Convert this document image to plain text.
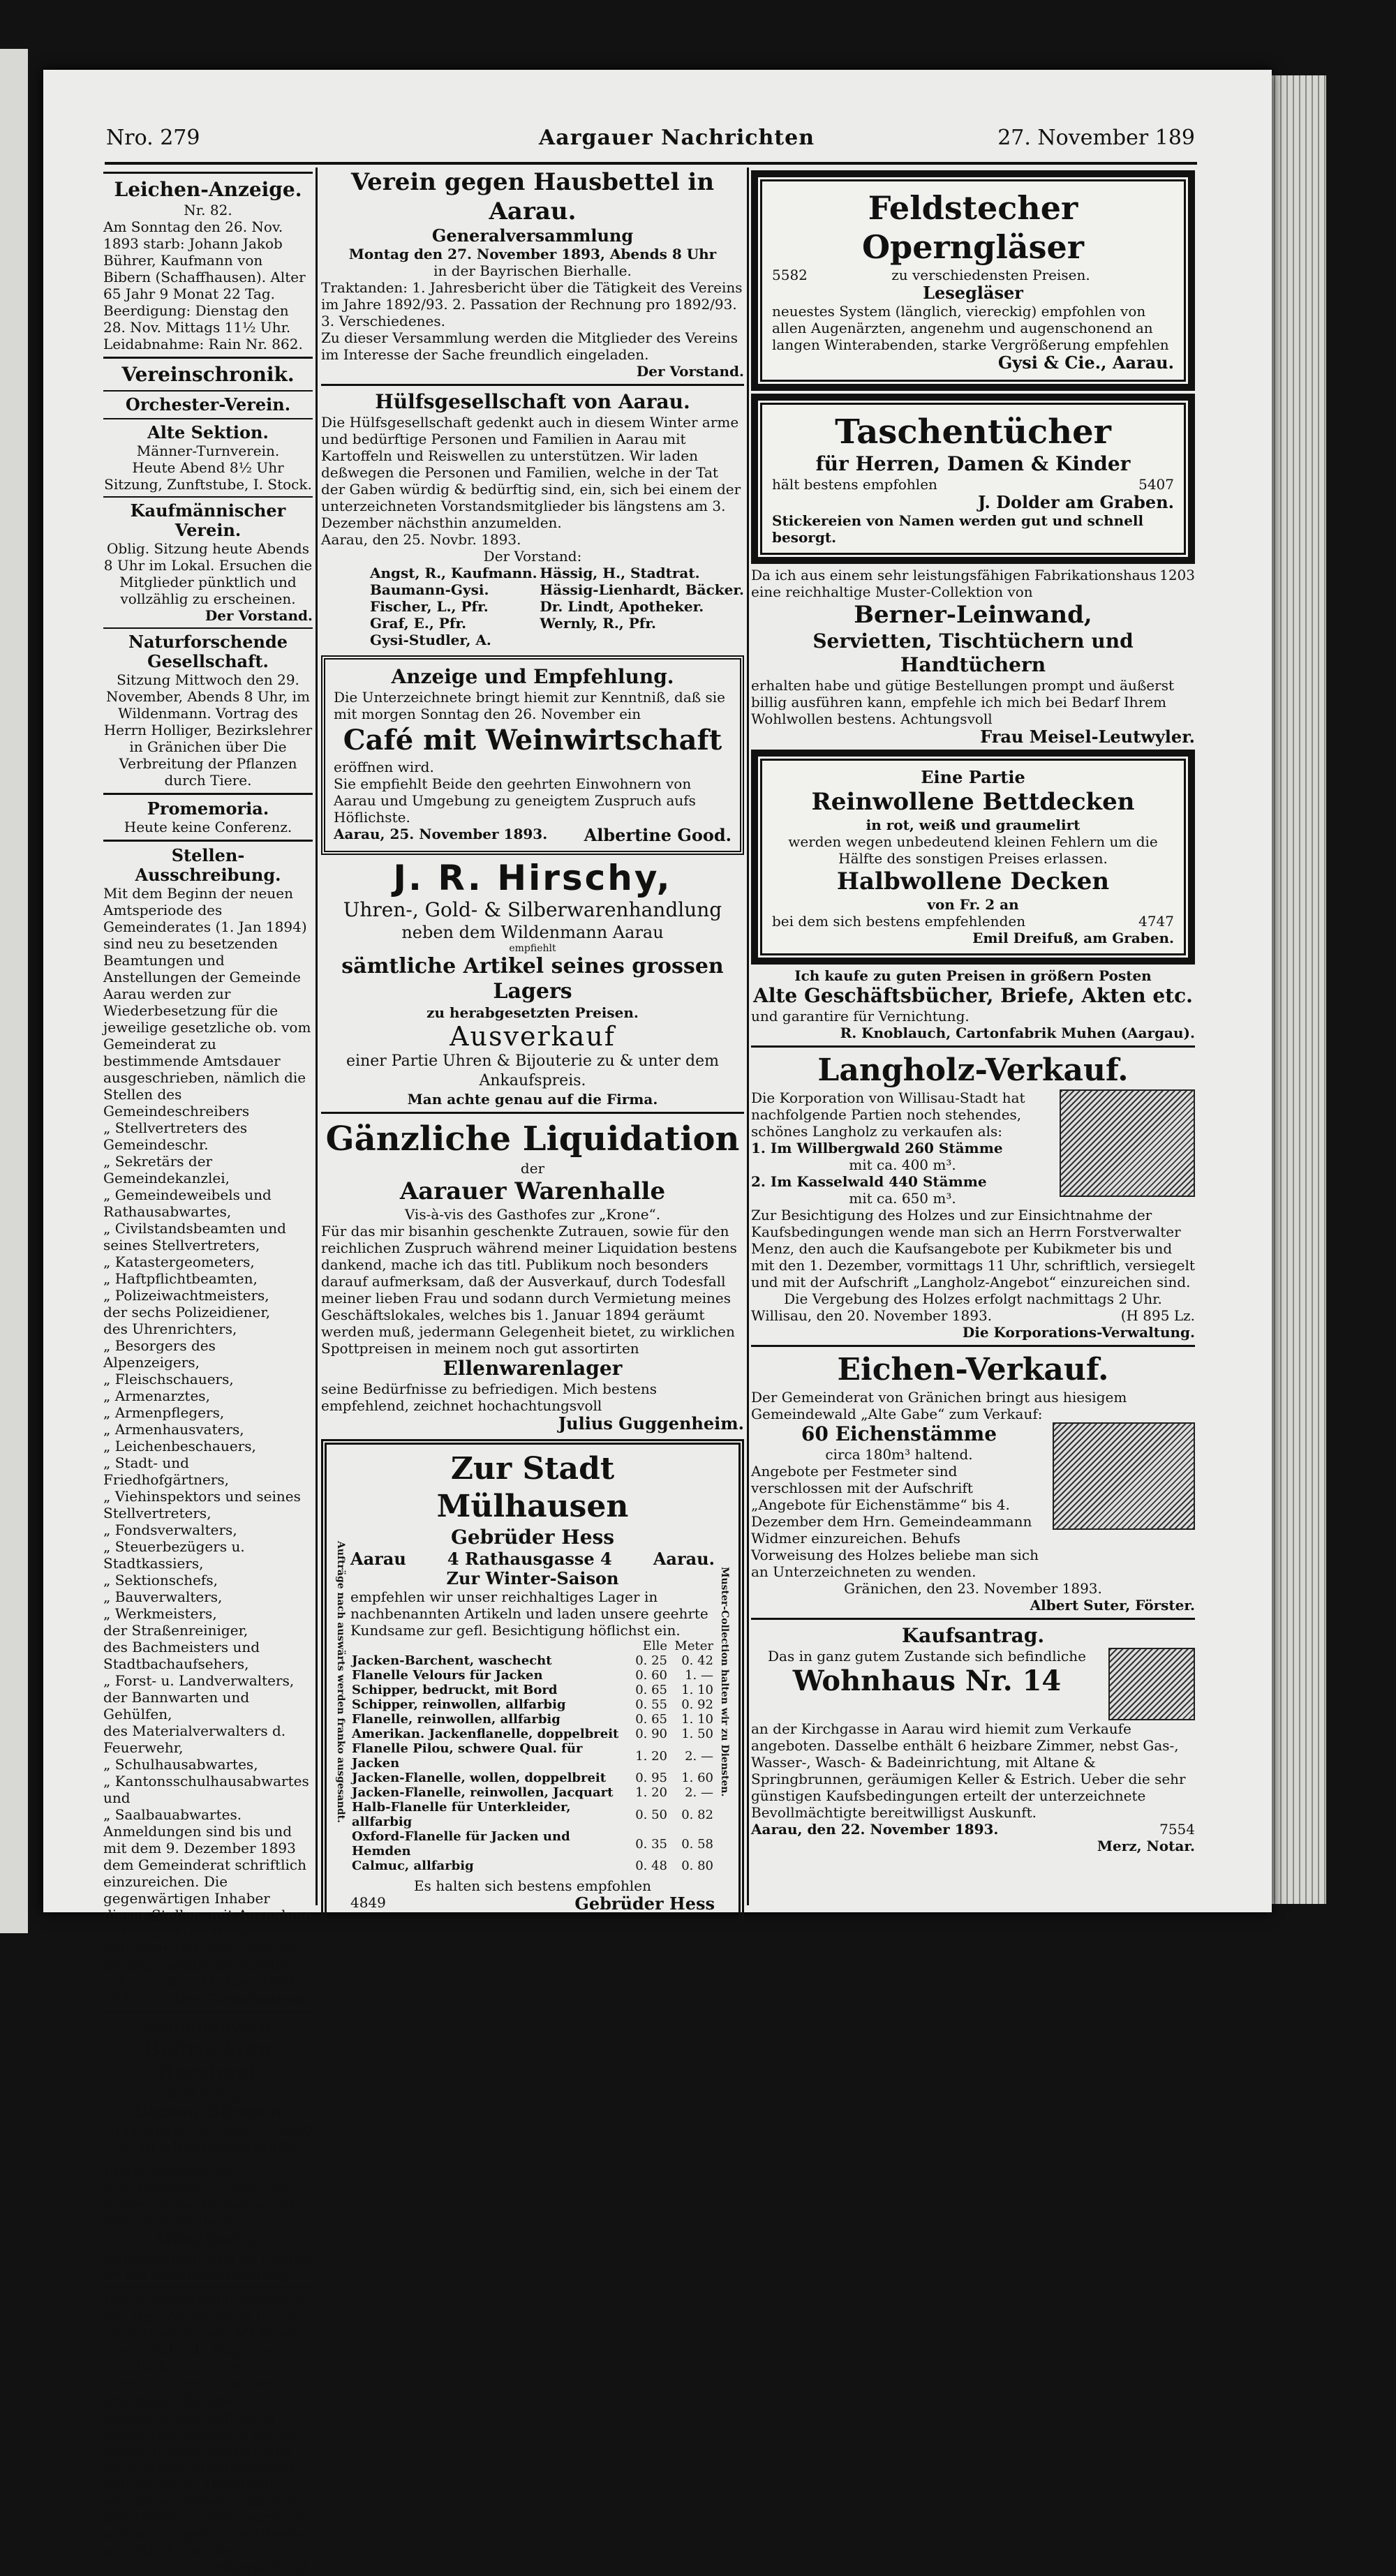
Nro. 279	Aargauer Nachrichten	27. November 189

Leichen-Anzeige.

Nr. 82.

Am Sonntag den 26. Nov. 1893 starb: Johann Jakob Bührer, Kaufmann von Bibern (Schaffhausen). Alter 65 Jahr 9 Monat 22 Tag. Beerdigung: Dienstag den 28. Nov. Mittags 11½ Uhr. Leidabnahme: Rain Nr. 862.

Vereinschronik.

Orchester-Verein.

Alte Sektion.

Männer-Turnverein.

Heute Abend 8½ Uhr Sitzung, Zunftstube, I. Stock.

Kaufmännischer Verein.

Oblig. Sitzung heute Abends 8 Uhr im Lokal. Ersuchen die Mitglieder pünktlich und vollzählig zu erscheinen.

Der Vorstand.

Naturforschende Gesellschaft.

Sitzung Mittwoch den 29. November, Abends 8 Uhr, im Wildenmann. Vortrag des Herrn Holliger, Bezirkslehrer in Gränichen über Die Verbreitung der Pflanzen durch Tiere.

Promemoria.

Heute keine Conferenz.

Stellen-Ausschreibung.

Mit dem Beginn der neuen Amtsperiode des Gemeinderates (1. Jan 1894) sind neu zu besetzenden Beamtungen und Anstellungen der Gemeinde Aarau werden zur Wiederbesetzung für die jeweilige gesetzliche ob. vom Gemeinderat zu bestimmende Amtsdauer ausgeschrieben, nämlich die Stellen des Gemeindeschreibers

„ Stellvertreters des Gemeindeschr.

„ Sekretärs der Gemeindekanzlei,

„ Gemeindeweibels und Rathausabwartes,

„ Civilstandsbeamten und seines Stellvertreters,

„ Katastergeometers,

„ Haftpflichtbeamten,

„ Polizeiwachtmeisters,

der sechs Polizeidiener,

des Uhrenrichters,

„ Besorgers des Alpenzeigers,

„ Fleischschauers,

„ Armenarztes,

„ Armenpflegers,

„ Armenhausvaters,

„ Leichenbeschauers,

„ Stadt- und Friedhofgärtners,

„ Viehinspektors und seines Stellvertreters,

„ Fondsverwalters,

„ Steuerbezügers u. Stadtkassiers,

„ Sektionschefs,

„ Bauverwalters,

„ Werkmeisters,

der Straßenreiniger,

des Bachmeisters und Stadtbachaufsehers,

„ Forst- u. Landverwalters,

der Bannwarten und Gehülfen,

des Materialverwalters d. Feuerwehr,

„ Schulhausabwartes,

„ Kantonsschulhausabwartes und

„ Saalbauabwartes.

Anmeldungen sind bis und mit dem 9. Dezember 1893 dem Gemeinderat schriftlich einzureichen. Die gegenwärtigen Inhaber dieser Stellen, mit Ausnahme derjenigen der Bannwarte und ihrer Gehülfen, werden als angemeldet betrachtet.

Aarau, den 24. Nov. 1893.

5640 Der Gemeinderat.

Schönenwerd

Bedruckten Barchent

und fertige

Damen-Blousen

zu billigsten Preisen. 5630

A. Brodmann-Stampfli.

In der Kantonalen Krankenanstalt findet eine brave, starke Person sofort dauernde Stelle als

Wäscherin.

Anmeldungen sind zu richten an die Anstaltsverwaltung.

Der Armenerziehungsverein des Bez. Aarau sucht für ein 18jähriges braves Mädchen einen Platz als Magd, wo es mit Rücksicht auf ein leichtes Gebrechen ziemlich und einige Stunden zu sitzender Beschäftigung käme. Das Mädchen hat als Magd in einer Anstalt eine gute Schule durchgemacht und ist willig. Hausfrauen, welche wünschen, daß sich das Mädchen ihnen vorstelle, wollen mir gefl. ihre Adresse schriftlich zuteilen.

Pfarrer Graf.

Verein gegen Hausbettel in Aarau.

Generalversammlung

Montag den 27. November 1893, Abends 8 Uhr

in der Bayrischen Bierhalle.

Traktanden: 1. Jahresbericht über die Tätigkeit des Vereins im Jahre 1892/93. 2. Passation der Rechnung pro 1892/93. 3. Verschiedenes.

Zu dieser Versammlung werden die Mitglieder des Vereins im Interesse der Sache freundlich eingeladen.

Der Vorstand.

Hülfsgesellschaft von Aarau.

Die Hülfsgesellschaft gedenkt auch in diesem Winter arme und bedürftige Personen und Familien in Aarau mit Kartoffeln und Reiswellen zu unterstützen. Wir laden deßwegen die Personen und Familien, welche in der Tat der Gaben würdig & bedürftig sind, ein, sich bei einem der unterzeichneten Vorstandsmitglieder bis längstens am 3. Dezember nächsthin anzumelden.

Aarau, den 25. Novbr. 1893.

Der Vorstand:

Angst, R., Kaufmann.
Baumann-Gysi.
Fischer, L., Pfr.
Graf, E., Pfr.
Gysi-Studler, A.
Hässig, H., Stadtrat.
Hässig-Lienhardt, Bäcker.
Dr. Lindt, Apotheker.
Wernly, R., Pfr.

Anzeige und Empfehlung.

Die Unterzeichnete bringt hiemit zur Kenntniß, daß sie mit morgen Sonntag den 26. November ein

Café mit Weinwirtschaft

eröffnen wird.

Sie empfiehlt Beide den geehrten Einwohnern von Aarau und Umgebung zu geneigtem Zuspruch aufs Höflichste.

Aarau, 25. November 1893. Albertine Good.

J. R. Hirschy,

Uhren-, Gold- & Silberwarenhandlung

neben dem Wildenmann Aarau

empfiehlt

sämtliche Artikel seines grossen Lagers

zu herabgesetzten Preisen.

Ausverkauf

einer Partie Uhren & Bijouterie zu & unter dem Ankaufspreis.

Man achte genau auf die Firma.

Gänzliche Liquidation

der

Aarauer Warenhalle

Vis-à-vis des Gasthofes zur „Krone“.

Für das mir bisanhin geschenkte Zutrauen, sowie für den reichlichen Zuspruch während meiner Liquidation bestens dankend, mache ich das titl. Publikum noch besonders darauf aufmerksam, daß der Ausverkauf, durch Todesfall meiner lieben Frau und sodann durch Vermietung meines Geschäftslokales, welches bis 1. Januar 1894 geräumt werden muß, jedermann Gelegenheit bietet, zu wirklichen Spottpreisen in meinem noch gut assortirten

Ellenwarenlager

seine Bedürfnisse zu befriedigen. Mich bestens empfehlend, zeichnet hochachtungsvoll

Julius Guggenheim.

Aufträge nach auswärts werden franko ausgesandt.

Zur Stadt Mülhausen

Gebrüder Hess

Aarau 4 Rathausgasse 4 Aarau.

Zur Winter-Saison

empfehlen wir unser reichhaltiges Lager in nachbenannten Artikeln und laden unsere geehrte Kundsame zur gefl. Besichtigung höflichst ein.

	Elle	Meter
Jacken-Barchent, waschecht	0. 25	0. 42
Flanelle Velours für Jacken	0. 60	1. —
Schipper, bedruckt, mit Bord	0. 65	1. 10
Schipper, reinwollen, allfarbig	0. 55	0. 92
Flanelle, reinwollen, allfarbig	0. 65	1. 10
Amerikan. Jackenflanelle, doppelbreit	0. 90	1. 50
Flanelle Pilou, schwere Qual. für Jacken	1. 20	2. —
Jacken-Flanelle, wollen, doppelbreit	0. 95	1. 60
Jacken-Flanelle, reinwollen, Jacquart	1. 20	2. —
Halb-Flanelle für Unterkleider, allfarbig	0. 50	0. 82
Oxford-Flanelle für Jacken und Hemden	0. 35	0. 58
Calmuc, allfarbig	0. 48	0. 80

Es halten sich bestens empfohlen

4849	Gebrüder Hess
Muster-Collection halten wir zu Diensten.

Feldstecher Operngläser

5582	zu verschiedensten Preisen.

Lesegläser

neuestes System (länglich, viereckig) empfohlen von allen Augenärzten, angenehm und augenschonend an langen Winterabenden, starke Vergrößerung empfehlen

Gysi & Cie., Aarau.

Taschentücher

für Herren, Damen & Kinder

hält bestens empfohlen	5407

J. Dolder am Graben.

Stickereien von Namen werden gut und schnell besorgt.

Da ich aus einem sehr leistungsfähigen Fabrikationshaus eine reichhaltige Muster-Collektion von
1203

Berner-Leinwand,

Servietten, Tischtüchern und Handtüchern

erhalten habe und gütige Bestellungen prompt und äußerst billig ausführen kann, empfehle ich mich bei Bedarf Ihrem Wohlwollen bestens. Achtungsvoll

Frau Meisel-Leutwyler.

Eine Partie

Reinwollene Bettdecken

in rot, weiß und graumelirt

werden wegen unbedeutend kleinen Fehlern um die Hälfte des sonstigen Preises erlassen.

Halbwollene Decken

von Fr. 2 an

bei dem sich bestens empfehlenden	4747

Emil Dreifuß, am Graben.

Ich kaufe zu guten Preisen in größern Posten

Alte Geschäftsbücher, Briefe, Akten etc.

und garantire für Vernichtung.

R. Knoblauch, Cartonfabrik Muhen (Aargau).

Langholz-Verkauf.

Die Korporation von Willisau-Stadt hat nachfolgende Partien noch stehendes, schönes Langholz zu verkaufen als:

1. Im Willbergwald 260 Stämme

mit ca. 400 m³.

2. Im Kasselwald 440 Stämme

mit ca. 650 m³.

Zur Besichtigung des Holzes und zur Einsichtnahme der Kaufsbedingungen wende man sich an Herrn Forstverwalter Menz, den auch die Kaufsangebote per Kubikmeter bis und mit den 1. Dezember, vormittags 11 Uhr, schriftlich, versiegelt und mit der Aufschrift „Langholz-Angebot“ einzureichen sind.

Die Vergebung des Holzes erfolgt nachmittags 2 Uhr.

Willisau, den 20. November 1893.	(H 895 Lz.

Die Korporations-Verwaltung.

Eichen-Verkauf.

Der Gemeinderat von Gränichen bringt aus hiesigem Gemeindewald „Alte Gabe“ zum Verkauf:

60 Eichenstämme

circa 180m³ haltend.

Angebote per Festmeter sind verschlossen mit der Aufschrift „Angebote für Eichenstämme“ bis 4. Dezember dem Hrn. Gemeindeammann Widmer einzureichen. Behufs Vorweisung des Holzes beliebe man sich an Unterzeichneten zu wenden.

Gränichen, den 23. November 1893.

Albert Suter, Förster.

Kaufsantrag.

Das in ganz gutem Zustande sich befindliche

Wohnhaus Nr. 14

an der Kirchgasse in Aarau wird hiemit zum Verkaufe angeboten. Dasselbe enthält 6 heizbare Zimmer, nebst Gas-, Wasser-, Wasch- & Badeinrichtung, mit Altane & Springbrunnen, geräumigen Keller & Estrich. Ueber die sehr günstigen Kaufsbedingungen erteilt der unterzeichnete Bevollmächtigte bereitwilligst Auskunft.

Aarau, den 22. November 1893.	7554

Merz, Notar.
